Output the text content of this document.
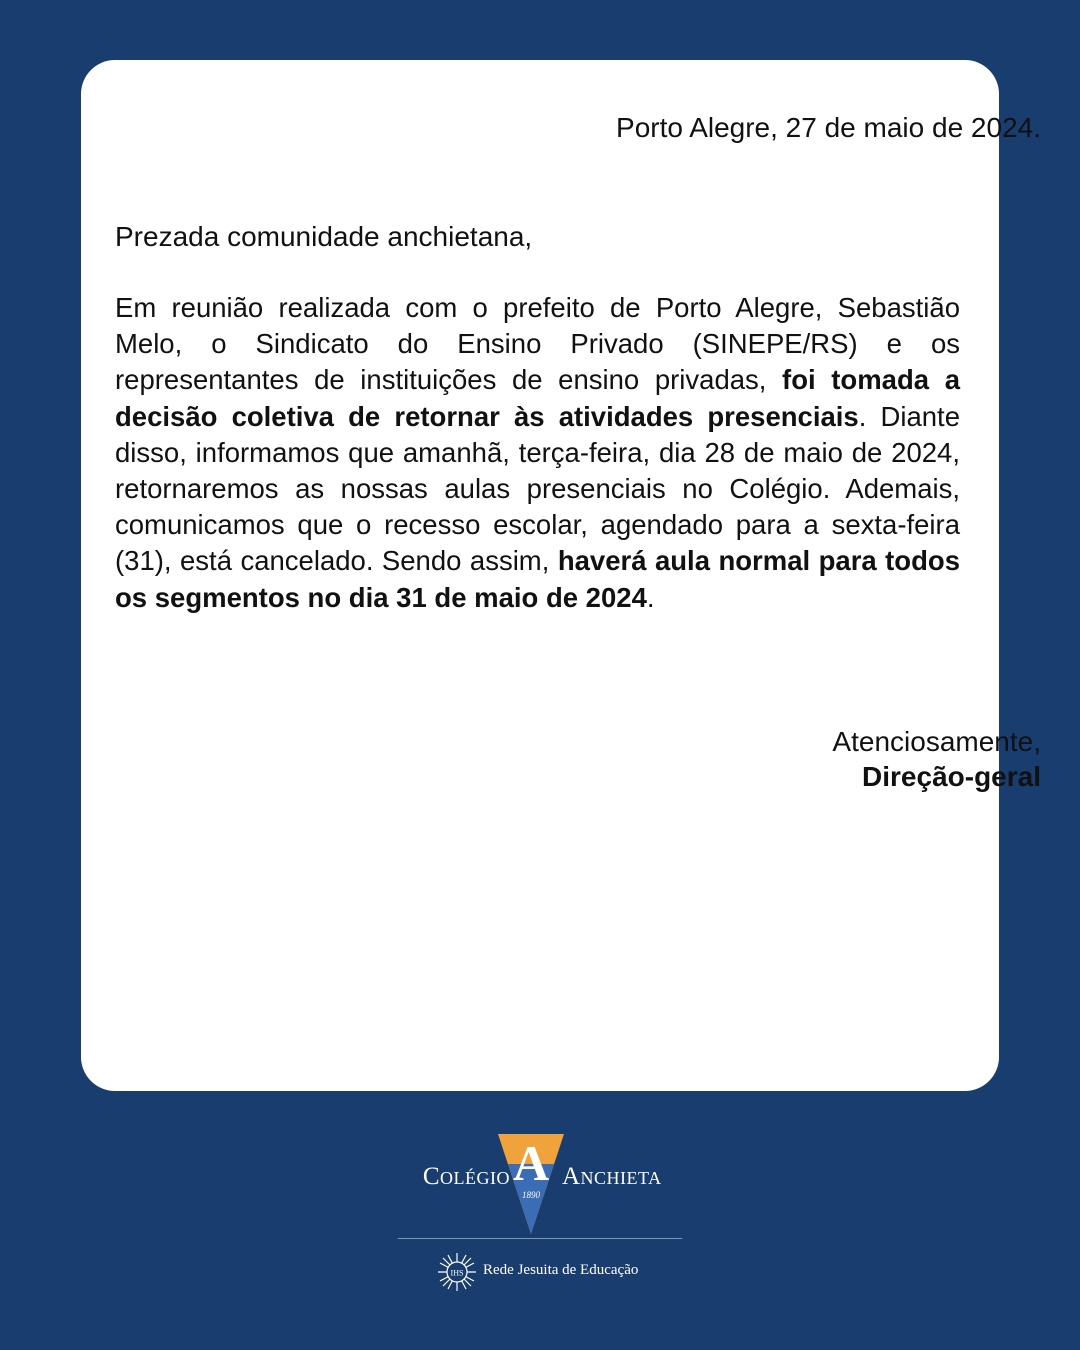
Porto Alegre, 27 de maio de 2024.

Prezada comunidade anchietana,

Em reunião realizada com o prefeito de Porto Alegre, Sebastião Melo, o Sindicato do Ensino Privado (SINEPE/RS) e os representantes de instituições de ensino privadas, foi tomada a decisão coletiva de retornar às atividades presenciais. Diante disso, informamos que amanhã, terça-feira, dia 28 de maio de 2024, retornaremos as nossas aulas presenciais no Colégio. Ademais, comunicamos que o recesso escolar, agendado para a sexta-feira (31), está cancelado. Sendo assim, haverá aula normal para todos os segmentos no dia 31 de maio de 2024.

Atenciosamente,
Direção-geral
Colégio A
1890
Anchieta
IHS Rede Jesuita de Educação
